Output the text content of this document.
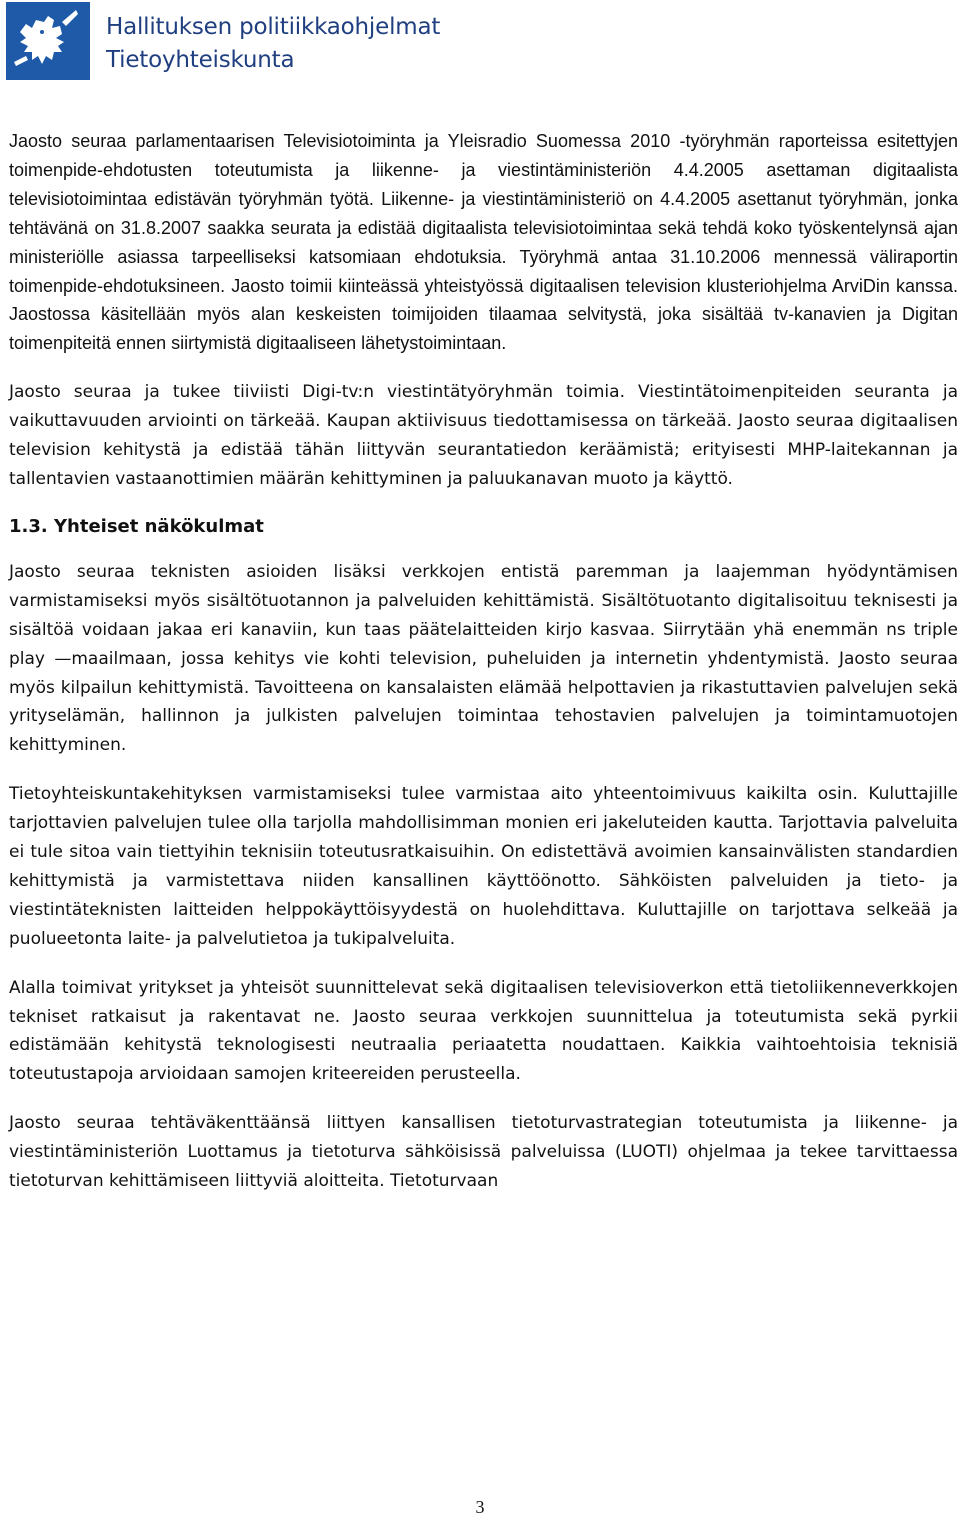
Hallituksen politiikkaohjelmat
Tietoyhteiskunta

Jaosto seuraa parlamentaarisen Televisiotoiminta ja Yleisradio Suomessa 2010 -työryhmän raporteissa esitettyjen toimenpide-ehdotusten toteutumista ja liikenne- ja viestintäministeriön 4.4.2005 asettaman digitaalista televisiotoimintaa edistävän työryhmän työtä. Liikenne- ja viestintäministeriö on 4.4.2005 asettanut työryhmän, jonka tehtävänä on 31.8.2007 saakka seurata ja edistää digitaalista televisiotoimintaa sekä tehdä koko työskentelynsä ajan ministeriölle asiassa tarpeelliseksi katsomiaan ehdotuksia. Työryhmä antaa 31.10.2006 mennessä väliraportin toimenpide-ehdotuksineen. Jaosto toimii kiinteässä yhteistyössä digitaalisen television klusteriohjelma ArviDin kanssa. Jaostossa käsitellään myös alan keskeisten toimijoiden tilaamaa selvitystä, joka sisältää tv-kanavien ja Digitan toimenpiteitä ennen siirtymistä digitaaliseen lähetystoimintaan.

Jaosto seuraa ja tukee tiiviisti Digi-tv:n viestintätyöryhmän toimia. Viestintätoimenpiteiden seuranta ja vaikuttavuuden arviointi on tärkeää. Kaupan aktiivisuus tiedottamisessa on tärkeää. Jaosto seuraa digitaalisen television kehitystä ja edistää tähän liittyvän seurantatiedon keräämistä; erityisesti MHP-laitekannan ja tallentavien vastaanottimien määrän kehittyminen ja paluukanavan muoto ja käyttö.

1.3. Yhteiset näkökulmat

Jaosto seuraa teknisten asioiden lisäksi verkkojen entistä paremman ja laajemman hyödyntämisen varmistamiseksi myös sisältötuotannon ja palveluiden kehittämistä. Sisältötuotanto digitalisoituu teknisesti ja sisältöä voidaan jakaa eri kanaviin, kun taas päätelaitteiden kirjo kasvaa. Siirrytään yhä enemmän ns triple play —maailmaan, jossa kehitys vie kohti television, puheluiden ja internetin yhdentymistä. Jaosto seuraa myös kilpailun kehittymistä. Tavoitteena on kansalaisten elämää helpottavien ja rikastuttavien palvelujen sekä yrityselämän, hallinnon ja julkisten palvelujen toimintaa tehostavien palvelujen ja toimintamuotojen kehittyminen.

Tietoyhteiskuntakehityksen varmistamiseksi tulee varmistaa aito yhteentoimivuus kaikilta osin. Kuluttajille tarjottavien palvelujen tulee olla tarjolla mahdollisimman monien eri jakeluteiden kautta. Tarjottavia palveluita ei tule sitoa vain tiettyihin teknisiin toteutusratkaisuihin. On edistettävä avoimien kansainvälisten standardien kehittymistä ja varmistettava niiden kansallinen käyttöönotto. Sähköisten palveluiden ja tieto- ja viestintäteknisten laitteiden helppokäyttöisyydestä on huolehdittava. Kuluttajille on tarjottava selkeää ja puolueetonta laite- ja palvelutietoa ja tukipalveluita.

Alalla toimivat yritykset ja yhteisöt suunnittelevat sekä digitaalisen televisioverkon että tietoliikenneverkkojen tekniset ratkaisut ja rakentavat ne. Jaosto seuraa verkkojen suunnittelua ja toteutumista sekä pyrkii edistämään kehitystä teknologisesti neutraalia periaatetta noudattaen. Kaikkia vaihtoehtoisia teknisiä toteutustapoja arvioidaan samojen kriteereiden perusteella.

Jaosto seuraa tehtäväkenttäänsä liittyen kansallisen tietoturvastrategian toteutumista ja liikenne- ja viestintäministeriön Luottamus ja tietoturva sähköisissä palveluissa (LUOTI) ohjelmaa ja tekee tarvittaessa tietoturvan kehittämiseen liittyviä aloitteita. Tietoturvaan

3
